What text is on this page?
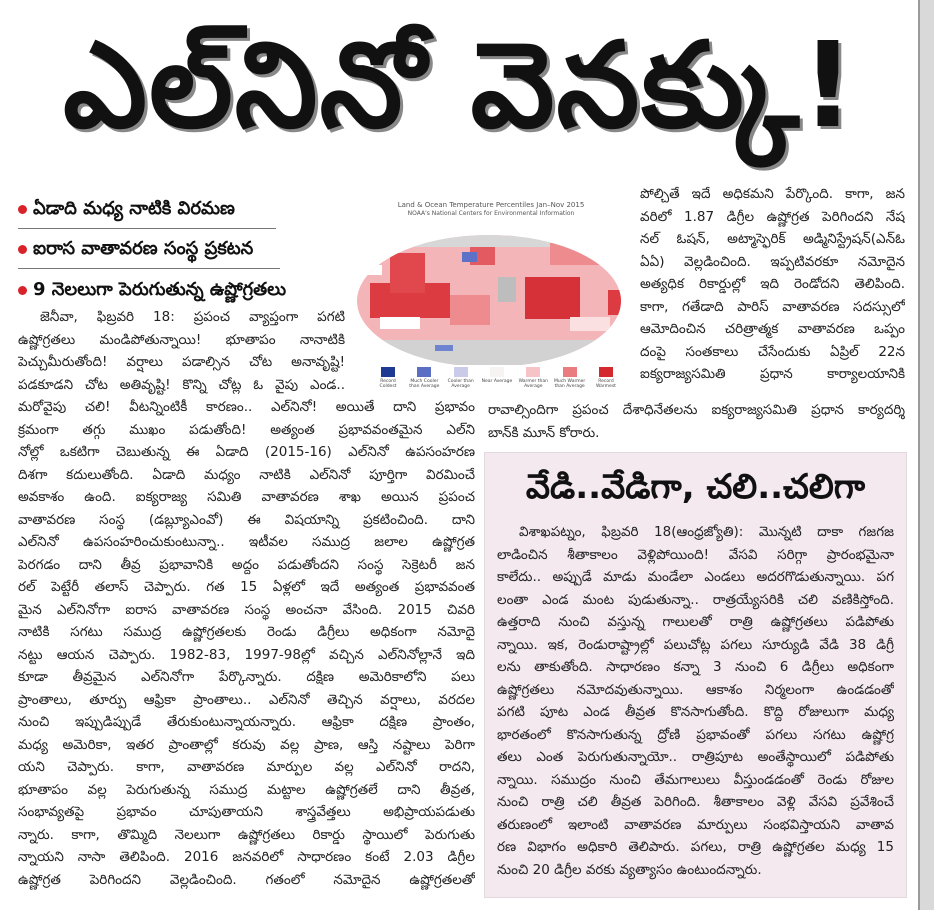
ఎల్‌నినో వెనక్కు!
ఏడాది మధ్య నాటికి విరమణ
ఐరాస వాతావరణ సంస్థ ప్రకటన
9 నెలలుగా పెరుగుతున్న ఉష్ణోగ్రతలు
జెనీవా, ఫిబ్రవరి 18: ప్రపంచ వ్యాప్తంగా పగటి
ఉష్ణోగ్రతలు మండిపోతున్నాయి! భూతాపం నానాటికి
పెచ్చుమీరుతోంది! వర్షాలు పడాల్సిన చోట అనావృష్టి!
పడకూడని చోట అతివృష్టి! కొన్ని చోట్ల ఓ వైపు ఎండ..
మరోవైపు చలి! వీటన్నింటికీ కారణం.. ఎల్‌నినో! అయితే దాని ప్రభావం
క్రమంగా తగ్గు ముఖం పడుతోంది! అత్యంత ప్రభావవంతమైన ఎల్‌ని
నోల్లో ఒకటిగా చెబుతున్న ఈ ఏడాది (2015-16) ఎల్‌నినో ఉపసంహరణ
దిశగా కదులుతోంది. ఏడాది మధ్యం నాటికి ఎల్‌నినో పూర్తిగా విరమించే
అవకాశం ఉంది. ఐక్యరాజ్య సమితి వాతావరణ శాఖ అయిన ప్రపంచ
వాతావరణ సంస్థ (డబ్ల్యూఎంవో) ఈ విషయాన్ని ప్రకటించింది. దాని
ఎల్‌నినో ఉపసంహరించుకుంటున్నా.. ఇటీవల సముద్ర జలాల ఉష్ణోగ్రత
పెరగడం దాని తీవ్ర ప్రభావానికి అద్దం పడుతోందని సంస్థ సెక్రెటరీ జన
రల్ పెట్టేరీ తలాస్ చెప్పారు. గత 15 ఏళ్లలో ఇదే అత్యంత ప్రభావవంత
మైన ఎల్‌నినోగా ఐరాస వాతావరణ సంస్థ అంచనా వేసింది. 2015 చివరి
నాటికి సగటు సముద్ర ఉష్ణోగ్రతలకు రెండు డిగ్రీలు అధికంగా నమోదై
నట్టు ఆయన చెప్పారు. 1982-83, 1997-98ల్లో వచ్చిన ఎల్‌నినోల్లానే ఇది
కూడా తీవ్రమైన ఎల్‌నినోగా పేర్కొన్నారు. దక్షిణ అమెరికాలోని పలు
ప్రాంతాలు, తూర్పు ఆఫ్రికా ప్రాంతాలు.. ఎల్‌నినో తెచ్చిన వర్షాలు, వరదల
నుంచి ఇప్పుడిప్పుడే తేరుకుంటున్నాయన్నారు. ఆఫ్రికా దక్షిణ ప్రాంతం,
మధ్య అమెరికా, ఇతర ప్రాంతాల్లో కరువు వల్ల ప్రాణ, ఆస్తి నష్టాలు పెరిగా
యని చెప్పారు. కాగా, వాతావరణ మార్పుల వల్ల ఎల్‌నినో రాదని,
భూతాపం వల్ల పెరుగుతున్న సముద్ర మట్టాల ఉష్ణోగ్రతలే దాని తీవ్రత,
సంభావ్యతపై ప్రభావం చూపుతాయని శాస్త్రవేత్తలు అభిప్రాయపడుతు
న్నారు. కాగా, తొమ్మిది నెలలుగా ఉష్ణోగ్రతలు రికార్డు స్థాయిలో పెరుగుతు
న్నాయని నాసా తెలిపింది. 2016 జనవరిలో సాధారణం కంటే 2.03 డిగ్రీల
ఉష్ణోగ్రత పెరిగిందని వెల్లడించింది. గతంలో నమోదైన ఉష్ణోగ్రతలతో
పోల్చితే ఇదే అధికమని పేర్కొంది. కాగా, జన
వరిలో 1.87 డిగ్రీల ఉష్ణోగ్రత పెరిగిందని నేష
నల్ ఓషన్, అట్మాస్ఫెరిక్ అడ్మినిస్ట్రేషన్(ఎన్‌ఓ
ఏఏ) వెల్లడించింది. ఇప్పటివరకూ నమోదైన
అత్యధిక రికార్డుల్లో ఇది రెండోదని తెలిపింది.
కాగా, గతేడాది పారిస్ వాతావరణ సదస్సులో
ఆమోదించిన చరిత్రాత్మక వాతావరణ ఒప్పం
దంపై సంతకాలు చేసేందుకు ఏప్రిల్ 22న
ఐక్యరాజ్యసమితి ప్రధాన కార్యాలయానికి
రావాల్సిందిగా ప్రపంచ దేశాధినేతలను ఐక్యరాజ్యసమితి ప్రధాన కార్యదర్శి
బాన్‌కి మూన్ కోరారు.
Land & Ocean Temperature Percentiles Jan–Nov 2015
NOAA's National Centers for Environmental Information
Record Coldest
Much Cooler than Average
Cooler than Average
Near Average Warmer than Average
Much Warmer than Average
Record Warmest
వేడి..వేడిగా, చలి..చలిగా
విశాఖపట్నం, ఫిబ్రవరి 18(ఆంధ్రజ్యోతి): మొన్నటి దాకా గజగజ
లాడించిన శీతాకాలం వెళ్లిపోయింది! వేసవి సరిగ్గా ప్రారంభమైనా
కాలేదు.. అప్పుడే మాడు మండేలా ఎండలు అదరగొడుతున్నాయి. పగ
లంతా ఎండ మంట పుడుతున్నా.. రాత్రయ్యేసరికి చలి వణికిస్తోంది.
ఉత్తరాది నుంచి వస్తున్న గాలులతో రాత్రి ఉష్ణోగ్రతలు పడిపోతు
న్నాయి. ఇక, రెండురాష్ట్రాల్లో పలుచోట్ల పగలు సూర్యుడి వేడి 38 డిగ్రీ
లను తాకుతోంది. సాధారణం కన్నా 3 నుంచి 6 డిగ్రీలు అధికంగా
ఉష్ణోగ్రతలు నమోదవుతున్నాయి. ఆకాశం నిర్మలంగా ఉండడంతో
పగటి పూట ఎండ తీవ్రత కొనసాగుతోంది. కొద్ది రోజులుగా మధ్య
భారతంలో కొనసాగుతున్న ద్రోణి ప్రభావంతో పగలు సగటు ఉష్ణోగ్ర
తలు ఎంత పెరుగుతున్నాయో.. రాత్రిపూట అంతేస్థాయిలో పడిపోతు
న్నాయి. సముద్రం నుంచి తేమగాలులు వీస్తుండడంతో రెండు రోజుల
నుంచి రాత్రి చలి తీవ్రత పెరిగింది. శీతాకాలం వెళ్లి వేసవి ప్రవేశించే
తరుణంలో ఇలాంటి వాతావరణ మార్పులు సంభవిస్తాయని వాతావ
రణ విభాగం అధికారి తెలిపారు. పగలు, రాత్రి ఉష్ణోగ్రతల మధ్య 15
నుంచి 20 డిగ్రీల వరకు వ్యత్యాసం ఉంటుందన్నారు.
